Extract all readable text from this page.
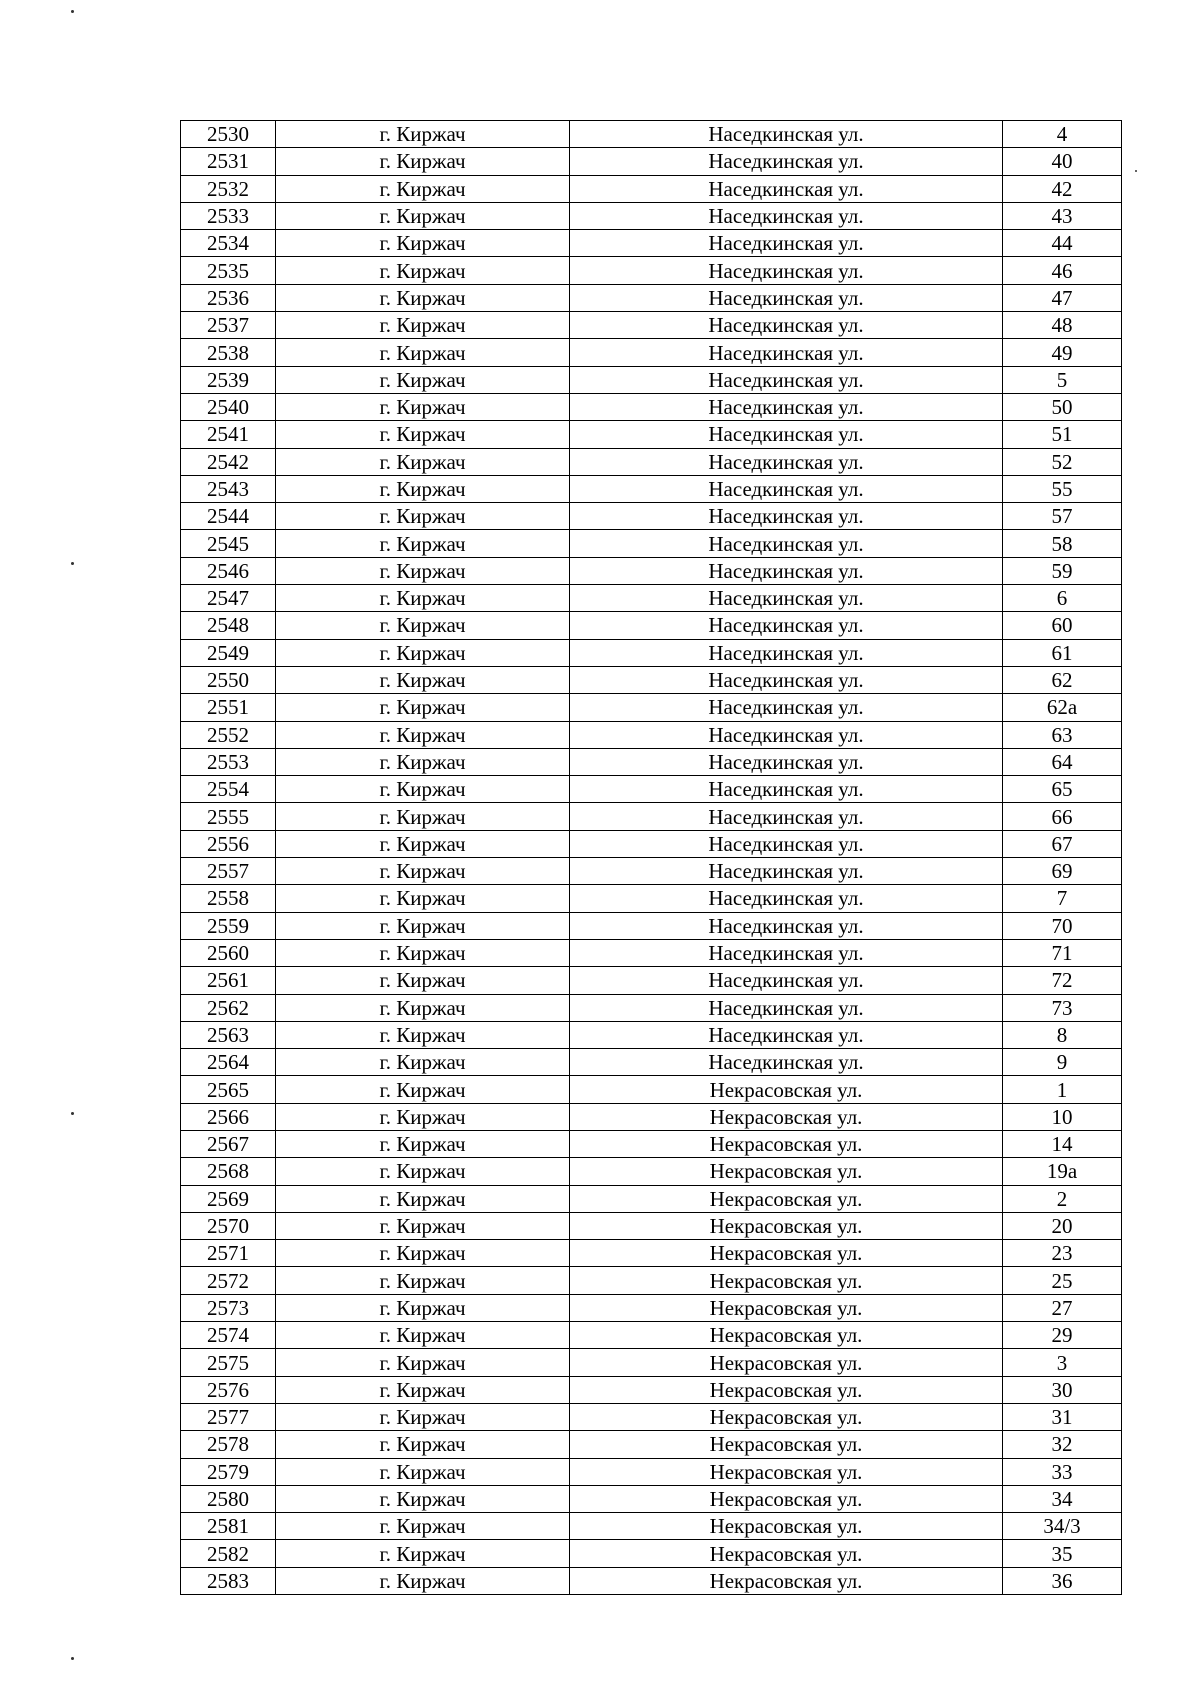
2530	г. Киржач	Наседкинская ул.	4
2531	г. Киржач	Наседкинская ул.	40
2532	г. Киржач	Наседкинская ул.	42
2533	г. Киржач	Наседкинская ул.	43
2534	г. Киржач	Наседкинская ул.	44
2535	г. Киржач	Наседкинская ул.	46
2536	г. Киржач	Наседкинская ул.	47
2537	г. Киржач	Наседкинская ул.	48
2538	г. Киржач	Наседкинская ул.	49
2539	г. Киржач	Наседкинская ул.	5
2540	г. Киржач	Наседкинская ул.	50
2541	г. Киржач	Наседкинская ул.	51
2542	г. Киржач	Наседкинская ул.	52
2543	г. Киржач	Наседкинская ул.	55
2544	г. Киржач	Наседкинская ул.	57
2545	г. Киржач	Наседкинская ул.	58
2546	г. Киржач	Наседкинская ул.	59
2547	г. Киржач	Наседкинская ул.	6
2548	г. Киржач	Наседкинская ул.	60
2549	г. Киржач	Наседкинская ул.	61
2550	г. Киржач	Наседкинская ул.	62
2551	г. Киржач	Наседкинская ул.	62а
2552	г. Киржач	Наседкинская ул.	63
2553	г. Киржач	Наседкинская ул.	64
2554	г. Киржач	Наседкинская ул.	65
2555	г. Киржач	Наседкинская ул.	66
2556	г. Киржач	Наседкинская ул.	67
2557	г. Киржач	Наседкинская ул.	69
2558	г. Киржач	Наседкинская ул.	7
2559	г. Киржач	Наседкинская ул.	70
2560	г. Киржач	Наседкинская ул.	71
2561	г. Киржач	Наседкинская ул.	72
2562	г. Киржач	Наседкинская ул.	73
2563	г. Киржач	Наседкинская ул.	8
2564	г. Киржач	Наседкинская ул.	9
2565	г. Киржач	Некрасовская ул.	1
2566	г. Киржач	Некрасовская ул.	10
2567	г. Киржач	Некрасовская ул.	14
2568	г. Киржач	Некрасовская ул.	19а
2569	г. Киржач	Некрасовская ул.	2
2570	г. Киржач	Некрасовская ул.	20
2571	г. Киржач	Некрасовская ул.	23
2572	г. Киржач	Некрасовская ул.	25
2573	г. Киржач	Некрасовская ул.	27
2574	г. Киржач	Некрасовская ул.	29
2575	г. Киржач	Некрасовская ул.	3
2576	г. Киржач	Некрасовская ул.	30
2577	г. Киржач	Некрасовская ул.	31
2578	г. Киржач	Некрасовская ул.	32
2579	г. Киржач	Некрасовская ул.	33
2580	г. Киржач	Некрасовская ул.	34
2581	г. Киржач	Некрасовская ул.	34/3
2582	г. Киржач	Некрасовская ул.	35
2583	г. Киржач	Некрасовская ул.	36
